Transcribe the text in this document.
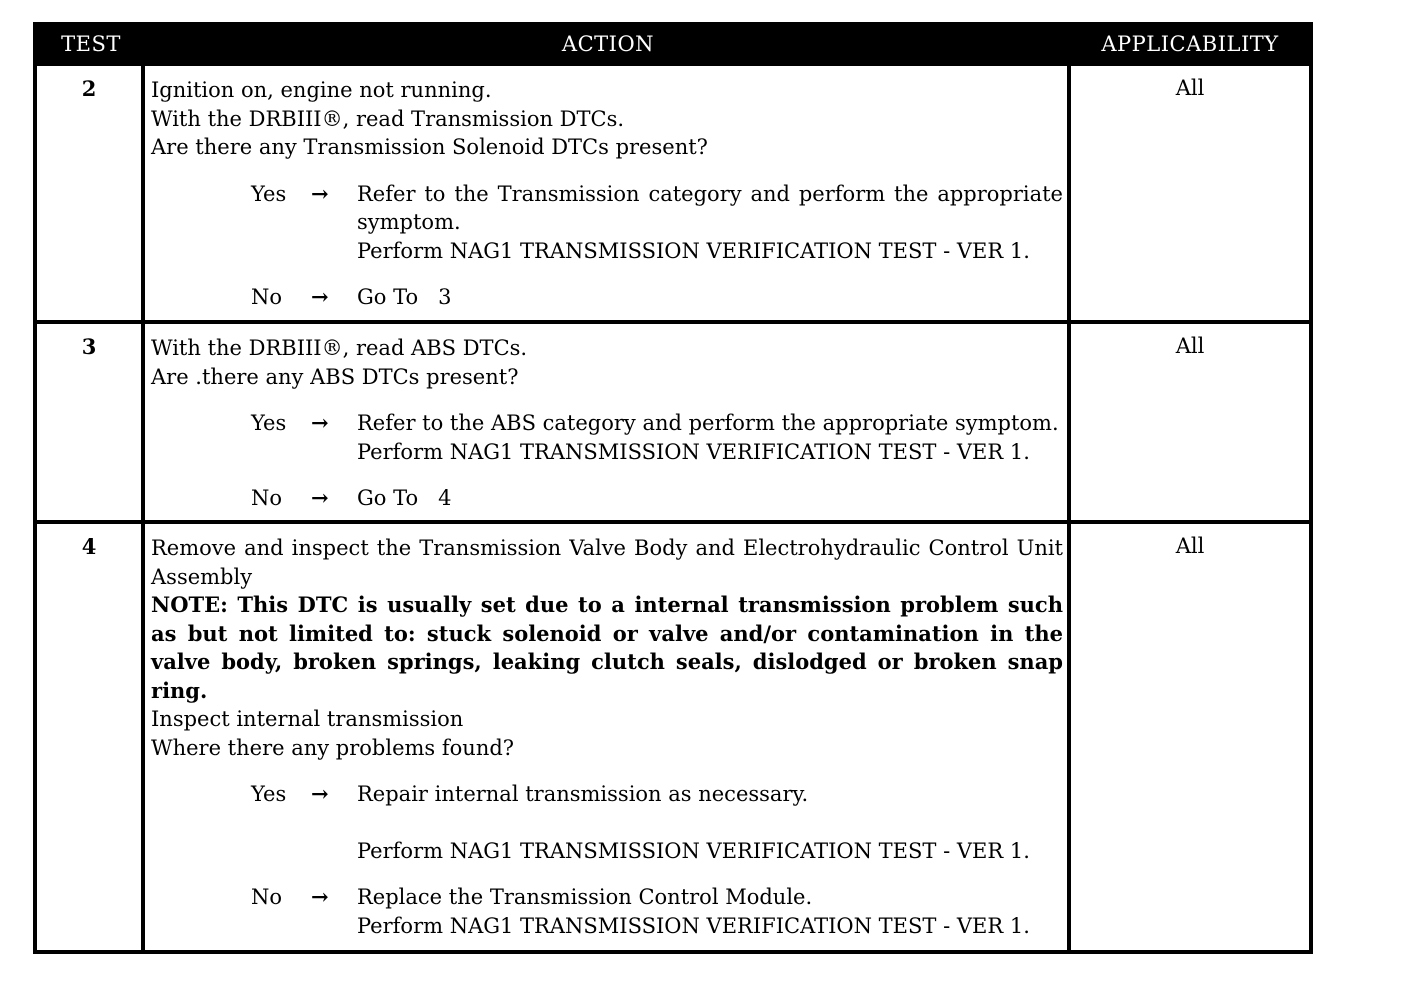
TEST	ACTION	APPLICABILITY
2	Ignition on, engine not running.
With the DRBIII®, read Transmission DTCs.
Are there any Transmission Solenoid DTCs present?
Yes	→	Refer to the Transmission category and perform the appropriate symptom.
Perform NAG1 TRANSMISSION VERIFICATION TEST - VER 1.
No	→	Go To   3
All
3	With the DRBIII®, read ABS DTCs.
Are .there any ABS DTCs present?
Yes	→	Refer to the ABS category and perform the appropriate symptom.
Perform NAG1 TRANSMISSION VERIFICATION TEST - VER 1.
No	→	Go To   4
All
4	Remove and inspect the Transmission Valve Body and Electrohydraulic Control Unit Assembly
NOTE: This DTC is usually set due to a internal transmission problem such as but not limited to: stuck solenoid or valve and/or contamination in the valve body, broken springs, leaking clutch seals, dislodged or broken snap ring.
Inspect internal transmission
Where there any problems found?
Yes	→	Repair internal transmission as necessary.
Perform NAG1 TRANSMISSION VERIFICATION TEST - VER 1.
No	→	Replace the Transmission Control Module.
Perform NAG1 TRANSMISSION VERIFICATION TEST - VER 1.
All
